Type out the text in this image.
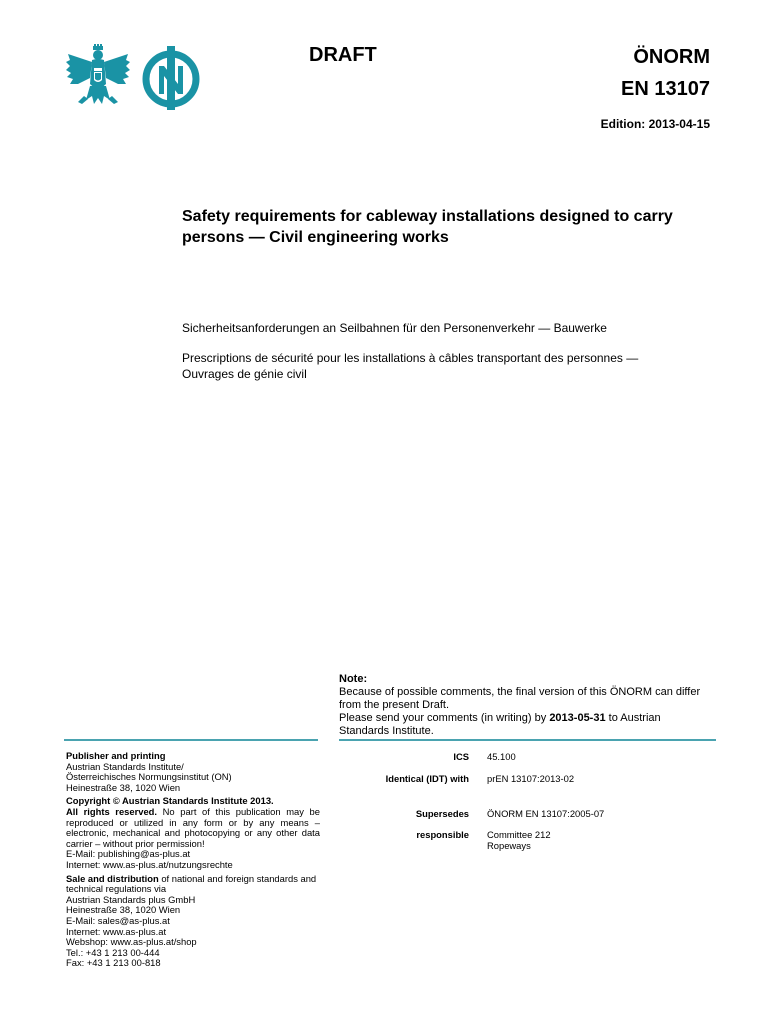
DRAFT	ÖNORM
EN 13107
Edition: 2013-04-15
Safety requirements for cableway installations designed to carry persons — Civil engineering works
Sicherheitsanforderungen an Seilbahnen für den Personenverkehr — Bauwerke
Prescriptions de sécurité pour les installations à câbles transportant des personnes — Ouvrages de génie civil
Note:
Because of possible comments, the final version of this ÖNORM can differ from the present Draft.
Please send your comments (in writing) by 2013-05-31 to Austrian Standards Institute.
Publisher and printing
Austrian Standards Institute/
Österreichisches Normungsinstitut (ON)
Heinestraße 38, 1020 Wien
Copyright © Austrian Standards Institute 2013.
All rights reserved. No part of this publication may be reproduced or utilized in any form or by any means – electronic, mechanical and photocopying or any other data carrier – without prior permission!
E-Mail: publishing@as-plus.at
Internet: www.as-plus.at/nutzungsrechte
Sale and distribution of national and foreign standards and technical regulations via
Austrian Standards plus GmbH
Heinestraße 38, 1020 Wien
E-Mail: sales@as-plus.at
Internet: www.as-plus.at
Webshop: www.as-plus.at/shop
Tel.: +43 1 213 00-444
Fax: +43 1 213 00-818
ICS 45.100
Identical (IDT) with prEN 13107:2013-02
Supersedes ÖNORM EN 13107:2005-07
responsible Committee 212
Ropeways
